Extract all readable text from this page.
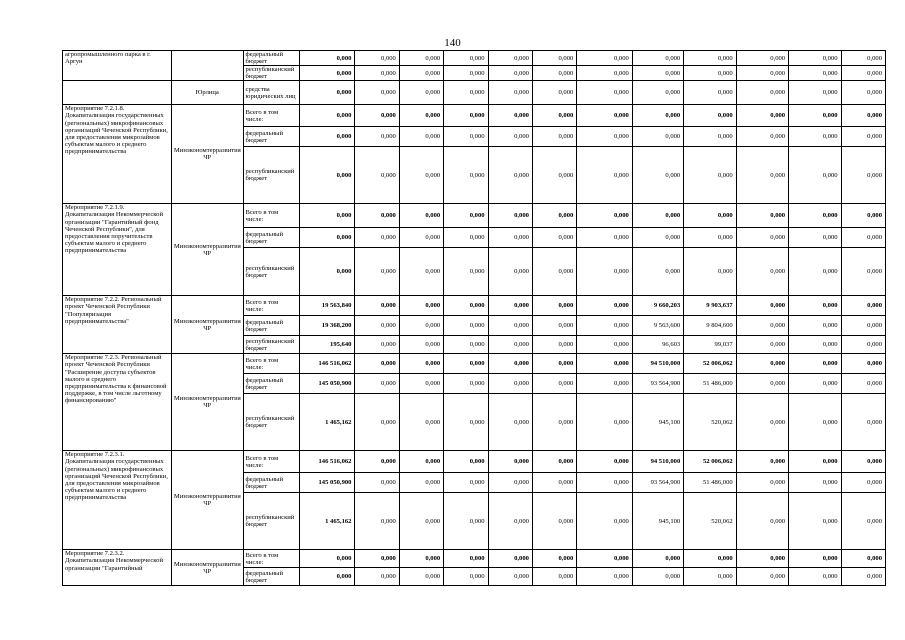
140
агропромышленного парка в г. Аргун		федеральный бюджет	0,000	0,000	0,000	0,000	0,000	0,000	0,000	0,000	0,000	0,000	0,000	0,000
		республиканский бюджет	0,000	0,000	0,000	0,000	0,000	0,000	0,000	0,000	0,000	0,000	0,000	0,000
	Юрлица	средства юридических лиц	0,000	0,000	0,000	0,000	0,000	0,000	0,000	0,000	0,000	0,000	0,000	0,000
Мероприятие 7.2.1.8. Докапитализация государственных (региональных) микрофинансовых организаций Чеченской Республики, для предоставления микрозаймов субъектам малого и среднего предпринимательства	Минэкономтерразвития ЧР	Всего в том числе:	0,000	0,000	0,000	0,000	0,000	0,000	0,000	0,000	0,000	0,000	0,000	0,000
		федеральный бюджет	0,000	0,000	0,000	0,000	0,000	0,000	0,000	0,000	0,000	0,000	0,000	0,000
		республиканский бюджет	0,000	0,000	0,000	0,000	0,000	0,000	0,000	0,000	0,000	0,000	0,000	0,000
Мероприятие 7.2.1.9. Докапитализация Некоммерческой организации "Гарантийный фонд Чеченской Республики", для предоставления поручительств субъектам малого и среднего предпринимательства	Минэкономтерразвития ЧР	Всего в том числе:	0,000	0,000	0,000	0,000	0,000	0,000	0,000	0,000	0,000	0,000	0,000	0,000
		федеральный бюджет	0,000	0,000	0,000	0,000	0,000	0,000	0,000	0,000	0,000	0,000	0,000	0,000
		республиканский бюджет	0,000	0,000	0,000	0,000	0,000	0,000	0,000	0,000	0,000	0,000	0,000	0,000
Мероприятие 7.2.2. Региональный проект Чеченской Республики "Популяризация предпринимательства"	Минэкономтерразвития ЧР	Всего в том числе:	19 563,840	0,000	0,000	0,000	0,000	0,000	0,000	9 660,203	9 903,637	0,000	0,000	0,000
		федеральный бюджет	19 368,200	0,000	0,000	0,000	0,000	0,000	0,000	9 563,600	9 804,600	0,000	0,000	0,000
		республиканский бюджет	195,640	0,000	0,000	0,000	0,000	0,000	0,000	96,603	99,037	0,000	0,000	0,000
Мероприятие 7.2.3. Региональный проект Чеченской Республики "Расширение доступа субъектов малого и среднего предпринимательства к финансовой поддержке, в том числе льготному финансированию"	Минэкономтерразвития ЧР	Всего в том числе:	146 516,062	0,000	0,000	0,000	0,000	0,000	0,000	94 510,000	52 006,062	0,000	0,000	0,000
		федеральный бюджет	145 050,900	0,000	0,000	0,000	0,000	0,000	0,000	93 564,900	51 486,000	0,000	0,000	0,000
		республиканский бюджет	1 465,162	0,000	0,000	0,000	0,000	0,000	0,000	945,100	520,062	0,000	0,000	0,000
Мероприятие 7.2.3.1. Докапитализация государственных (региональных) микрофинансовых организаций Чеченской Республики, для предоставления микрозаймов субъектам малого и среднего предпринимательства	Минэкономтерразвития ЧР	Всего в том числе:	146 516,062	0,000	0,000	0,000	0,000	0,000	0,000	94 510,000	52 006,062	0,000	0,000	0,000
		федеральный бюджет	145 050,900	0,000	0,000	0,000	0,000	0,000	0,000	93 564,900	51 486,000	0,000	0,000	0,000
		республиканский бюджет	1 465,162	0,000	0,000	0,000	0,000	0,000	0,000	945,100	520,062	0,000	0,000	0,000
Мероприятие 7.2.3.2. Докапитализация Некоммерческой организации "Гарантийный	Минэкономтерразвития ЧР	Всего в том числе:	0,000	0,000	0,000	0,000	0,000	0,000	0,000	0,000	0,000	0,000	0,000	0,000
		федеральный бюджет	0,000	0,000	0,000	0,000	0,000	0,000	0,000	0,000	0,000	0,000	0,000	0,000
